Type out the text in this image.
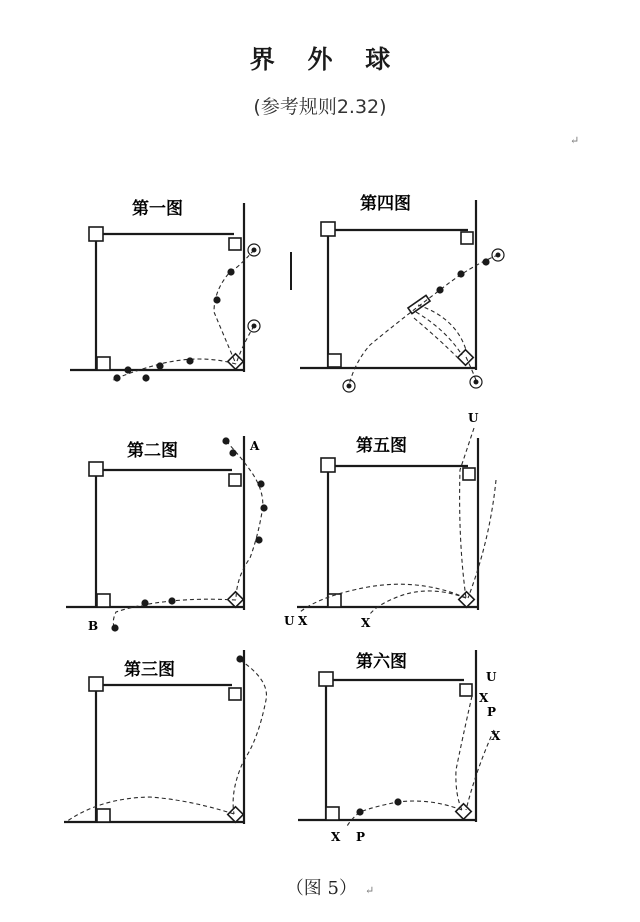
界 外 球
(参考规则2.32)
↵
第一图	第四图
第二图	A
B
第五图
U
U X	X
第三图	第六图
U
X
P
X
X P
（图 5） ↵
